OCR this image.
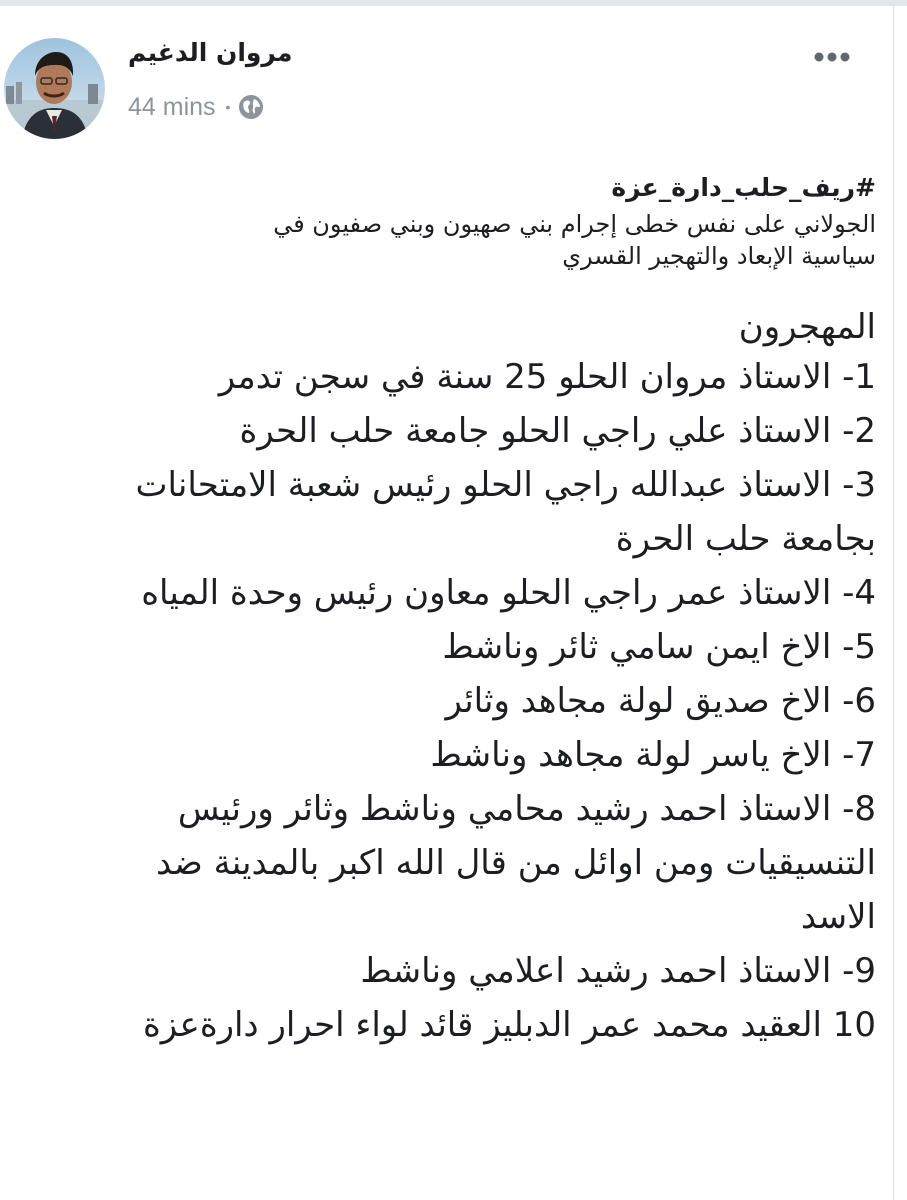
مروان الدغيم
44 mins •
#ريف_حلب_دارة_عزة
الجولاني على نفس خطى إجرام بني صهيون وبني صفيون في
سياسية الإبعاد والتهجير القسري
المهجرون
1- الاستاذ مروان الحلو 25 سنة في سجن تدمر
2- الاستاذ علي راجي الحلو جامعة حلب الحرة
3- الاستاذ عبدالله راجي الحلو رئيس شعبة الامتحانات
بجامعة حلب الحرة
4- الاستاذ عمر راجي الحلو معاون رئيس وحدة المياه
5- الاخ ايمن سامي ثائر وناشط
6- الاخ صديق لولة مجاهد وثائر
7- الاخ ياسر لولة مجاهد وناشط
8- الاستاذ احمد رشيد محامي وناشط وثائر ورئيس
التنسيقيات ومن اوائل من قال الله اكبر بالمدينة ضد
الاسد
9- الاستاذ احمد رشيد اعلامي وناشط
10 العقيد محمد عمر الدبليز قائد لواء احرار دارةعزة
